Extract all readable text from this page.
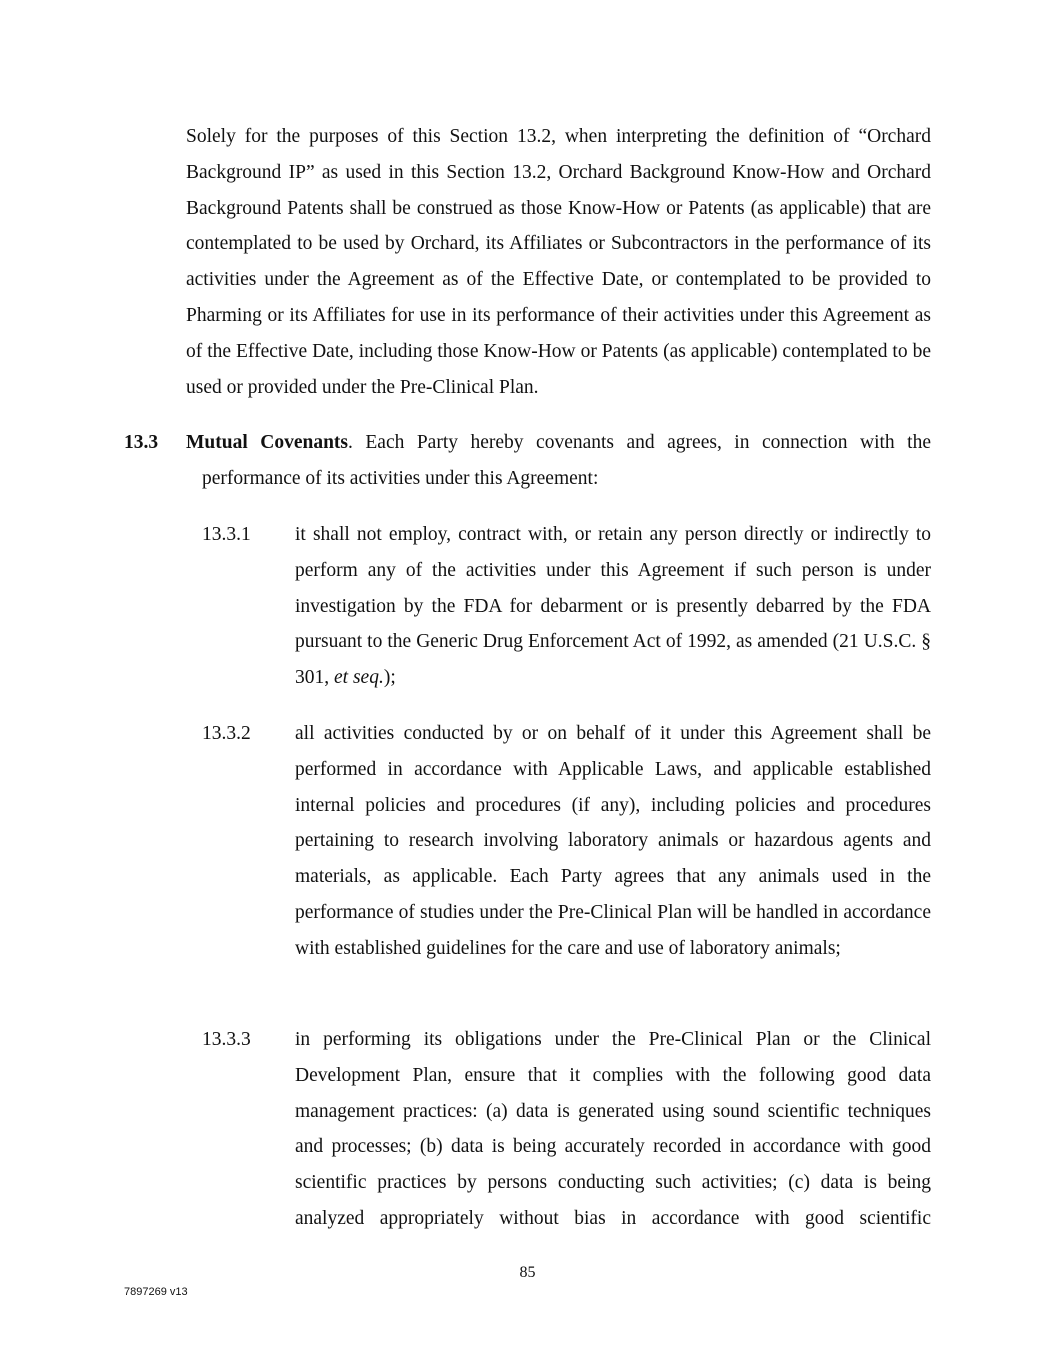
Solely for the purposes of this Section 13.2, when interpreting the definition of “Orchard Background IP” as used in this Section 13.2, Orchard Background Know-How and Orchard Background Patents shall be construed as those Know-How or Patents (as applicable) that are contemplated to be used by Orchard, its Affiliates or Subcontractors in the performance of its activities under the Agreement as of the Effective Date, or contemplated to be provided to Pharming or its Affiliates for use in its performance of their activities under this Agreement as of the Effective Date, including those Know-How or Patents (as applicable) contemplated to be used or provided under the Pre-Clinical Plan.

13.3 Mutual Covenants. Each Party hereby covenants and agrees, in connection with the performance of its activities under this Agreement:
13.3.1 it shall not employ, contract with, or retain any person directly or indirectly to perform any of the activities under this Agreement if such person is under investigation by the FDA for debarment or is presently debarred by the FDA pursuant to the Generic Drug Enforcement Act of 1992, as amended (21 U.S.C. § 301, et seq.);
13.3.2 all activities conducted by or on behalf of it under this Agreement shall be performed in accordance with Applicable Laws, and applicable established internal policies and procedures (if any), including policies and procedures pertaining to research involving laboratory animals or hazardous agents and materials, as applicable. Each Party agrees that any animals used in the performance of studies under the Pre-Clinical Plan will be handled in accordance with established guidelines for the care and use of laboratory animals;
13.3.3 in performing its obligations under the Pre-Clinical Plan or the Clinical Development Plan, ensure that it complies with the following good data management practices: (a) data is generated using sound scientific techniques and processes; (b) data is being accurately recorded in accordance with good scientific practices by persons conducting such activities; (c) data is being analyzed appropriately without bias in accordance with good scientific
85
7897269 v13
